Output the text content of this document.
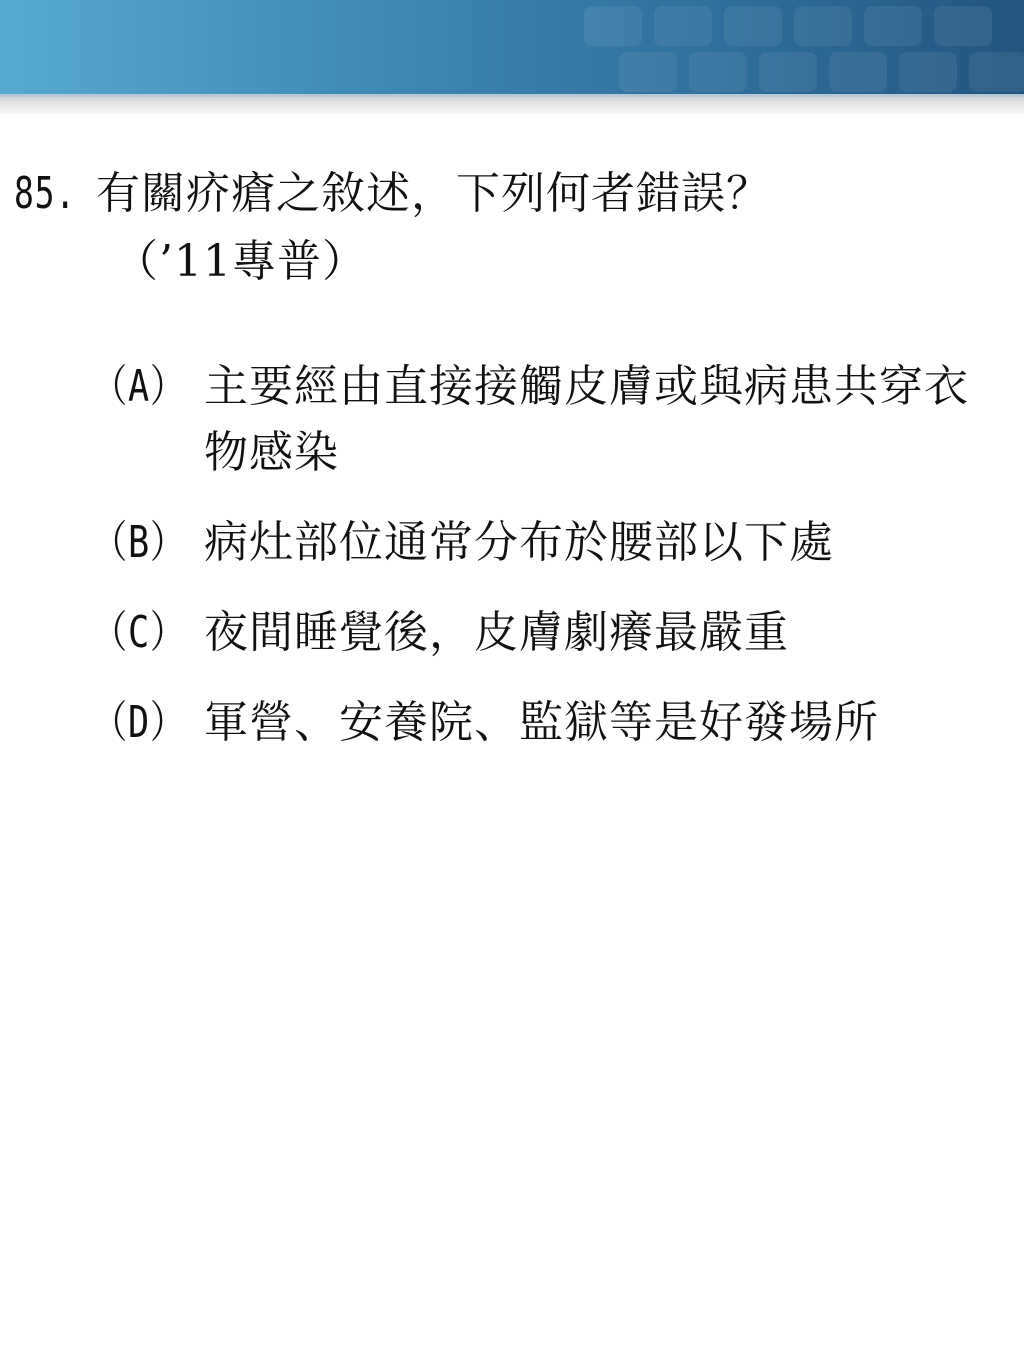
85. 有關疥瘡之敘述，下列何者錯誤？
（’11專普）
（A） 主要經由直接接觸皮膚或與病患共穿衣物感染
（B） 病灶部位通常分布於腰部以下處
（C） 夜間睡覺後，皮膚劇癢最嚴重
（D） 軍營、安養院、監獄等是好發場所
